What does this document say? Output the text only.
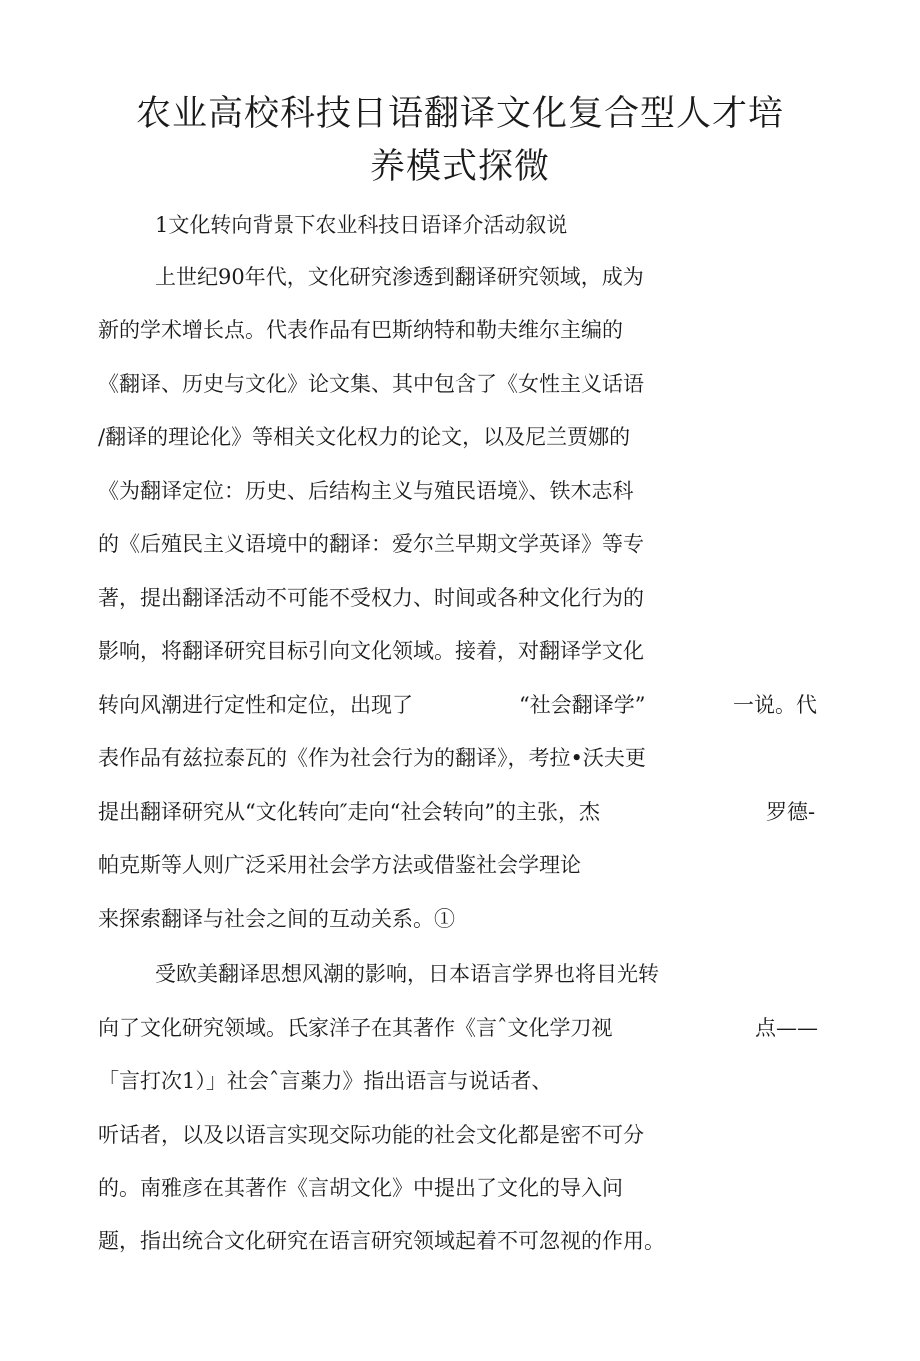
农业高校科技日语翻译文化复合型人才培
养模式探微

1文化转向背景下农业科技日语译介活动叙说

上世纪90年代，文化研究渗透到翻译研究领域，成为

新的学术增长点。代表作品有巴斯纳特和勒夫维尔主编的

《翻译、历史与文化》论文集、其中包含了《女性主义话语

/翻译的理论化》等相关文化权力的论文，以及尼兰贾娜的

《为翻译定位：历史、后结构主义与殖民语境》、铁木志科

的《后殖民主义语境中的翻译：爱尔兰早期文学英译》等专

著，提出翻译活动不可能不受权力、时间或各种文化行为的

影响，将翻译研究目标引向文化领域。接着，对翻译学文化

转向风潮进行定性和定位，出现了	“社会翻译学”	一说。代

表作品有兹拉泰瓦的《作为社会行为的翻译》，考拉•沃夫更

提出翻译研究从“文化转向″走向“社会转向”的主张，杰	罗德-

帕克斯等人则广泛采用社会学方法或借鉴社会学理论

来探索翻译与社会之间的互动关系。①

受欧美翻译思想风潮的影响，日本语言学界也将目光转

向了文化研究领域。氏家洋子在其著作《言ˆ文化学刀视	点——

「言打次1）」社会ˆ言薬力》指出语言与说话者、

听话者，以及以语言实现交际功能的社会文化都是密不可分

的。南雅彦在其著作《言胡文化》中提出了文化的导入问

题，指出统合文化研究在语言研究领域起着不可忽视的作用。
